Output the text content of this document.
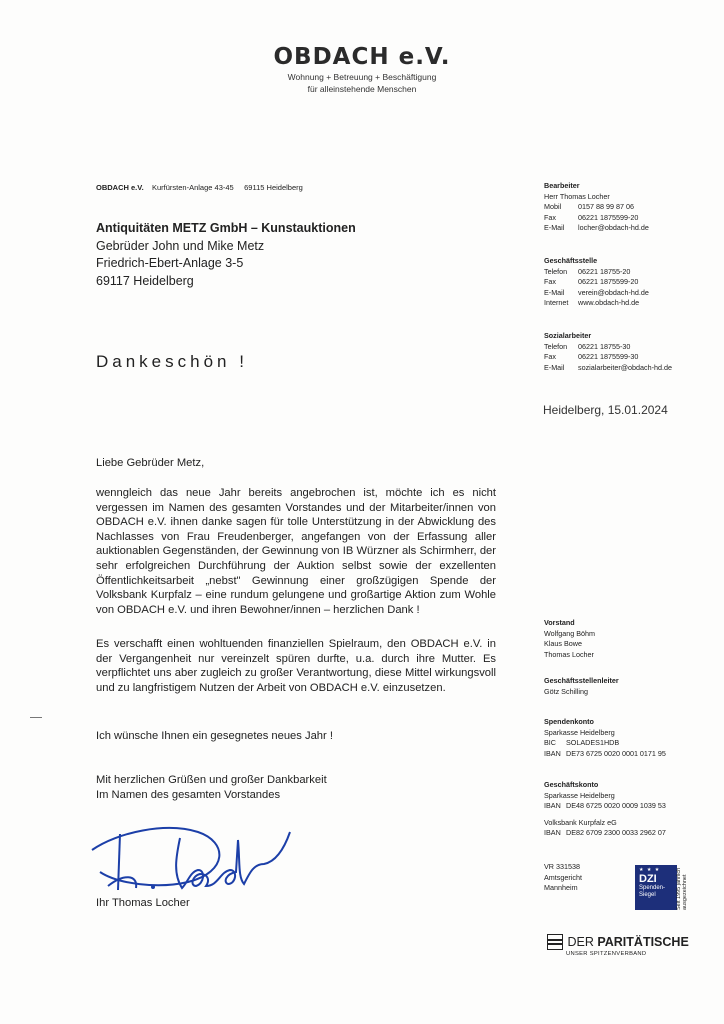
OBDACH e.V.
Wohnung + Betreuung + Beschäftigung
für alleinstehende Menschen
OBDACH e.V. Kurfürsten-Anlage 43-45 69115 Heidelberg
Antiquitäten METZ GmbH – Kunstauktionen
Gebrüder John und Mike Metz
Friedrich-Ebert-Anlage 3-5
69117 Heidelberg
Dankeschön !
Heidelberg, 15.01.2024

Liebe Gebrüder Metz,

wenngleich das neue Jahr bereits angebrochen ist, möchte ich es nicht vergessen im Namen des gesamten Vorstandes und der Mitarbeiter/innen von OBDACH e.V. ihnen danke sagen für tolle Unterstützung in der Abwicklung des Nachlasses von Frau Freudenberger, angefangen von der Erfassung aller auktionablen Gegenständen, der Gewinnung von IB Würzner als Schirmherr, der sehr erfolgreichen Durchführung der Auktion selbst sowie der exzellenten Öffentlichkeitsarbeit „nebst" Gewinnung einer großzügigen Spende der Volksbank Kurpfalz – eine rundum gelungene und großartige Aktion zum Wohle von OBDACH e.V. und ihren Bewohner/innen – herzlichen Dank !

Es verschafft einen wohltuenden finanziellen Spielraum, den OBDACH e.V. in der Vergangenheit nur vereinzelt spüren durfte, u.a. durch ihre Mutter. Es verpflichtet uns aber zugleich zu großer Verantwortung, diese Mittel wirkungsvoll und zu langfristigem Nutzen der Arbeit von OBDACH e.V. einzusetzen.

Ich wünsche Ihnen ein gesegnetes neues Jahr !

Mit herzlichen Grüßen und großer Dankbarkeit

Im Namen des gesamten Vorstandes

Ihr Thomas Locher
Bearbeiter
Herr Thomas Locher
Mobil	0157 88 99 87 06
Fax	06221 1875599-20
E-Mail	locher@obdach-hd.de
Geschäftsstelle
Telefon	06221 18755-20
Fax	06221 1875599-20
E-Mail	verein@obdach-hd.de
Internet	www.obdach-hd.de
Sozialarbeiter
Telefon	06221 18755-30
Fax	06221 1875599-30
E-Mail	sozialarbeiter@obdach-hd.de
Vorstand
Wolfgang Böhm
Klaus Bowe
Thomas Locher
Geschäftsstellenleiter
Götz Schilling
Spendenkonto
Sparkasse Heidelberg
BIC	SOLADES1HDB
IBAN DE73 6725 0020 0001 0171 95
Geschäftskonto
Sparkasse Heidelberg
IBAN DE48 6725 0020 0009 1039 53
Volksbank Kurpfalz eG
IBAN DE82 6709 2300 0033 2962 07
VR 331538
Amtsgericht
Mannheim
★ ★ ★
DZI
Spenden-
Siegel	Seit 1995 jährlich ausgezeichnet
DER PARITÄTISCHE
UNSER SPITZENVERBAND
